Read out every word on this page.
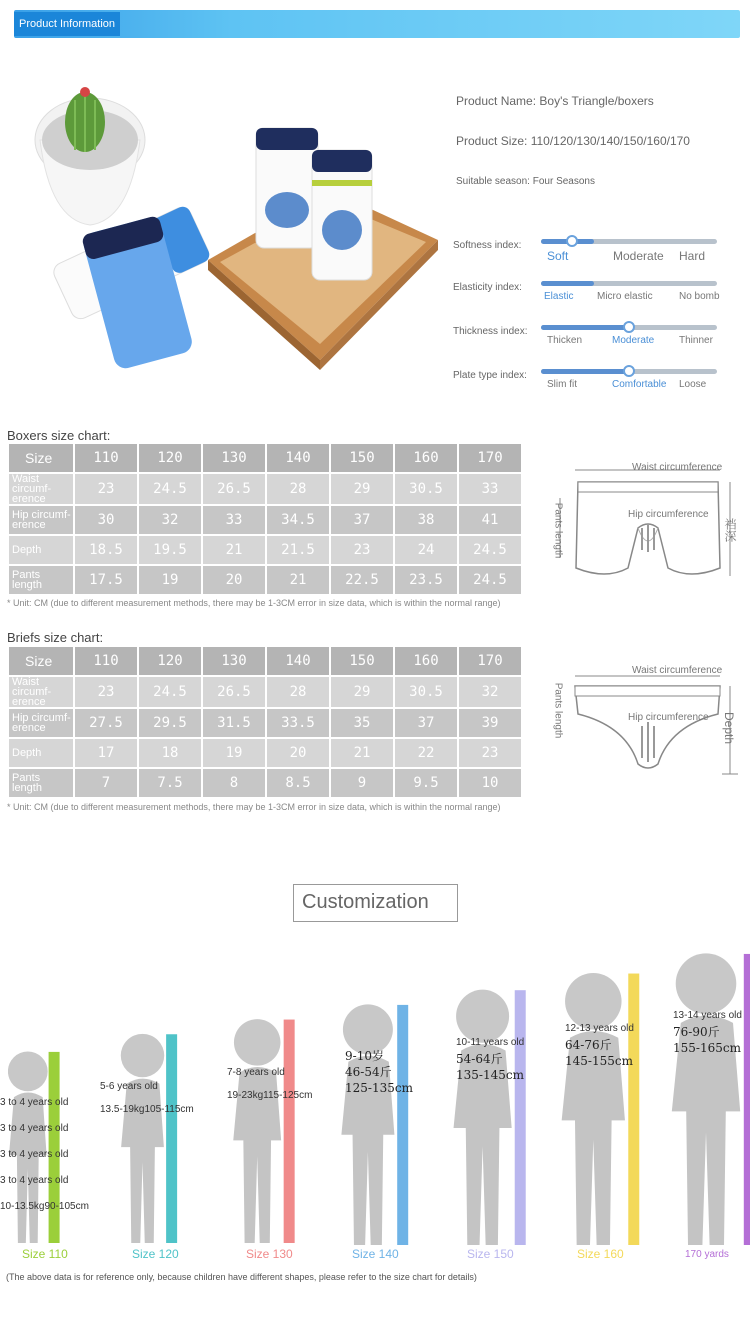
Product Information
Product Name: Boy's Triangle/boxers
Product Size: 110/120/130/140/150/160/170
Suitable season: Four Seasons
Softness index:
Soft	Moderate Hard
Elasticity index:
Elastic Micro elastic	No bomb
Thickness index:
Thicken	Moderate Thinner
Plate type index:
Slim fit	Comfortable Loose
Boxers size chart:
Size	110	120	130	140	150	160	170
Waist circumf-erence	23	24.5	26.5	28	29	30.5	33
Hip circumf-erence	30	32	33	34.5	37	38	41
Depth	18.5	19.5	21	21.5	23	24	24.5
Pants length	17.5	19	20	21	22.5	23.5	24.5
* Unit: CM (due to different measurement methods, there may be 1-3CM error in size data, which is within the normal range)
Waist circumference
Hip circumference
Pants length	裆深
Briefs size chart:
Size	110	120	130	140	150	160	170
Waist circumf-erence	23	24.5	26.5	28	29	30.5	32
Hip circumf-erence	27.5	29.5	31.5	33.5	35	37	39
Depth	17	18	19	20	21	22	23
Pants length	7	7.5	8	8.5	9	9.5	10
* Unit: CM (due to different measurement methods, there may be 1-3CM error in size data, which is within the normal range)
Waist circumference
Hip circumference
Pants length	Depth
Customization
3 to 4 years old
3 to 4 years old
3 to 4 years old
3 to 4 years old
10-13.5kg90-105cm
Size 110
5-6 years old
13.5-19kg105-115cm
Size 120
7-8 years old
19-23kg115-125cm
Size 130
9-10岁
46-54斤
125-135cm
Size 140
10-11 years old
54-64斤
135-145cm
Size 150
12-13 years old
64-76斤
145-155cm
Size 160
13-14 years old
76-90斤
155-165cm
170 yards
(The above data is for reference only, because children have different shapes, please refer to the size chart for details)
